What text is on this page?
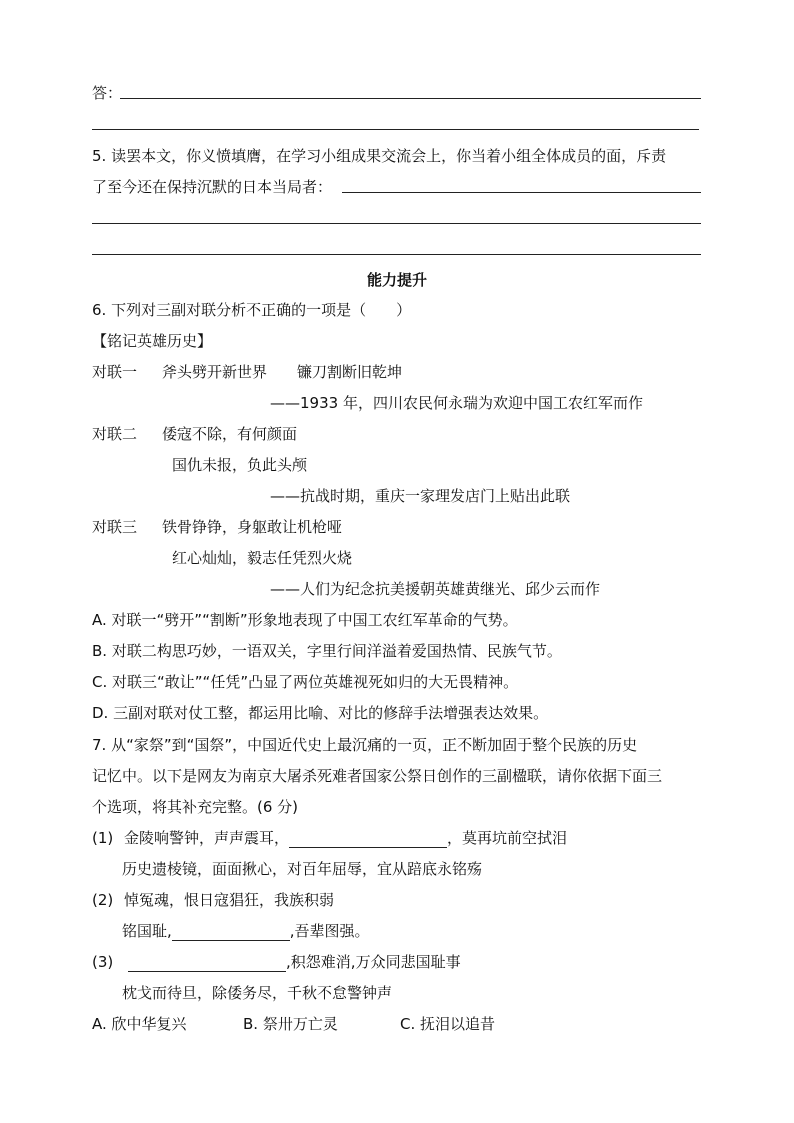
答：
5. 读罢本文，你义愤填膺，在学习小组成果交流会上，你当着小组全体成员的面，斥责
了至今还在保持沉默的日本当局者：
能力提升
6. 下列对三副对联分析不正确的一项是（　　）
【铭记英雄历史】
对联一 斧头劈开新世界　　镰刀割断旧乾坤
——1933 年，四川农民何永瑞为欢迎中国工农红军而作
对联二 倭寇不除，有何颜面
国仇未报，负此头颅
——抗战时期，重庆一家理发店门上贴出此联
对联三 铁骨铮铮，身躯敢让机枪哑
红心灿灿，毅志任凭烈火烧
——人们为纪念抗美援朝英雄黄继光、邱少云而作
A. 对联一“劈开”“割断”形象地表现了中国工农红军革命的气势。
B. 对联二构思巧妙，一语双关，字里行间洋溢着爱国热情、民族气节。
C. 对联三“敢让”“任凭”凸显了两位英雄视死如归的大无畏精神。
D. 三副对联对仗工整，都运用比喻、对比的修辞手法增强表达效果。
7. 从“家祭”到“国祭”，中国近代史上最沉痛的一页，正不断加固于整个民族的历史
记忆中。以下是网友为南京大屠杀死难者国家公祭日创作的三副楹联，请你依据下面三
个选项，将其补充完整。(6 分)
(1) 金陵响警钟，声声震耳，	，莫再坑前空拭泪
历史遗棱镜，面面揪心，对百年屈辱，宜从踣底永铭殇
(2) 悼冤魂，恨日寇猖狂，我族积弱
铭国耻,	,吾辈图强。
(3)	,积怨难消,万众同悲国耻事
枕戈而待旦，除倭务尽，千秋不怠警钟声
A. 欣中华复兴	B. 祭卅万亡灵	C. 抚泪以追昔
